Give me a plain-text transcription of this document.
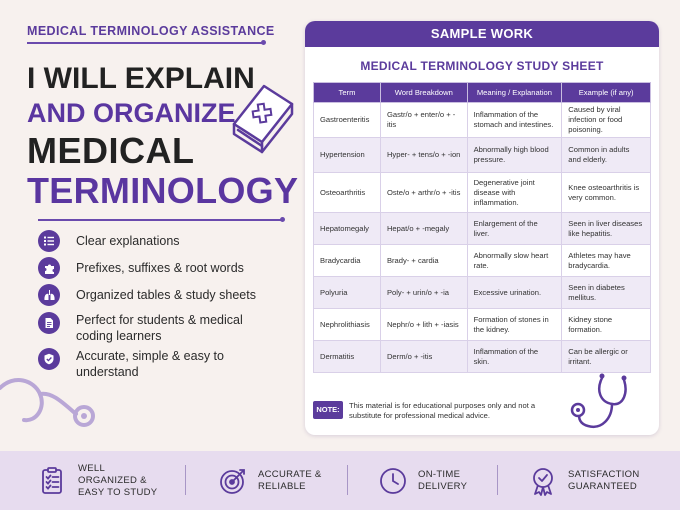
MEDICAL TERMINOLOGY ASSISTANCE
I WILL EXPLAIN
AND ORGANIZE
MEDICAL
TERMINOLOGY
Clear explanations
Prefixes, suffixes & root words
Organized tables & study sheets
Perfect for students & medical coding learners
Accurate, simple & easy to understand
SAMPLE WORK
MEDICAL TERMINOLOGY STUDY SHEET
Term	Word Breakdown	Meaning / Explanation	Example (if any)
Gastroenteritis	Gastr/o + enter/o + -itis	Inflammation of the stomach and intestines.	Caused by viral infection or food poisoning.
Hypertension	Hyper- + tens/o + -ion	Abnormally high blood pressure.	Common in adults and elderly.
Osteoarthritis	Oste/o + arthr/o + -itis	Degenerative joint disease with inflammation.	Knee osteoarthritis is very common.
Hepatomegaly	Hepat/o + -megaly	Enlargement of the liver.	Seen in liver diseases like hepatitis.
Bradycardia	Brady- + cardia	Abnormally slow heart rate.	Athletes may have bradycardia.
Polyuria	Poly- + urin/o + -ia	Excessive urination.	Seen in diabetes mellitus.
Nephrolithiasis	Nephr/o + lith + -iasis	Formation of stones in the kidney.	Kidney stone formation.
Dermatitis	Derm/o + -itis	Inflammation of the skin.	Can be allergic or irritant.
NOTE:	This material is for educational purposes only and not a substitute for professional medical advice.
WELL ORGANIZED & EASY TO STUDY
ACCURATE & RELIABLE
ON-TIME DELIVERY
SATISFACTION GUARANTEED
